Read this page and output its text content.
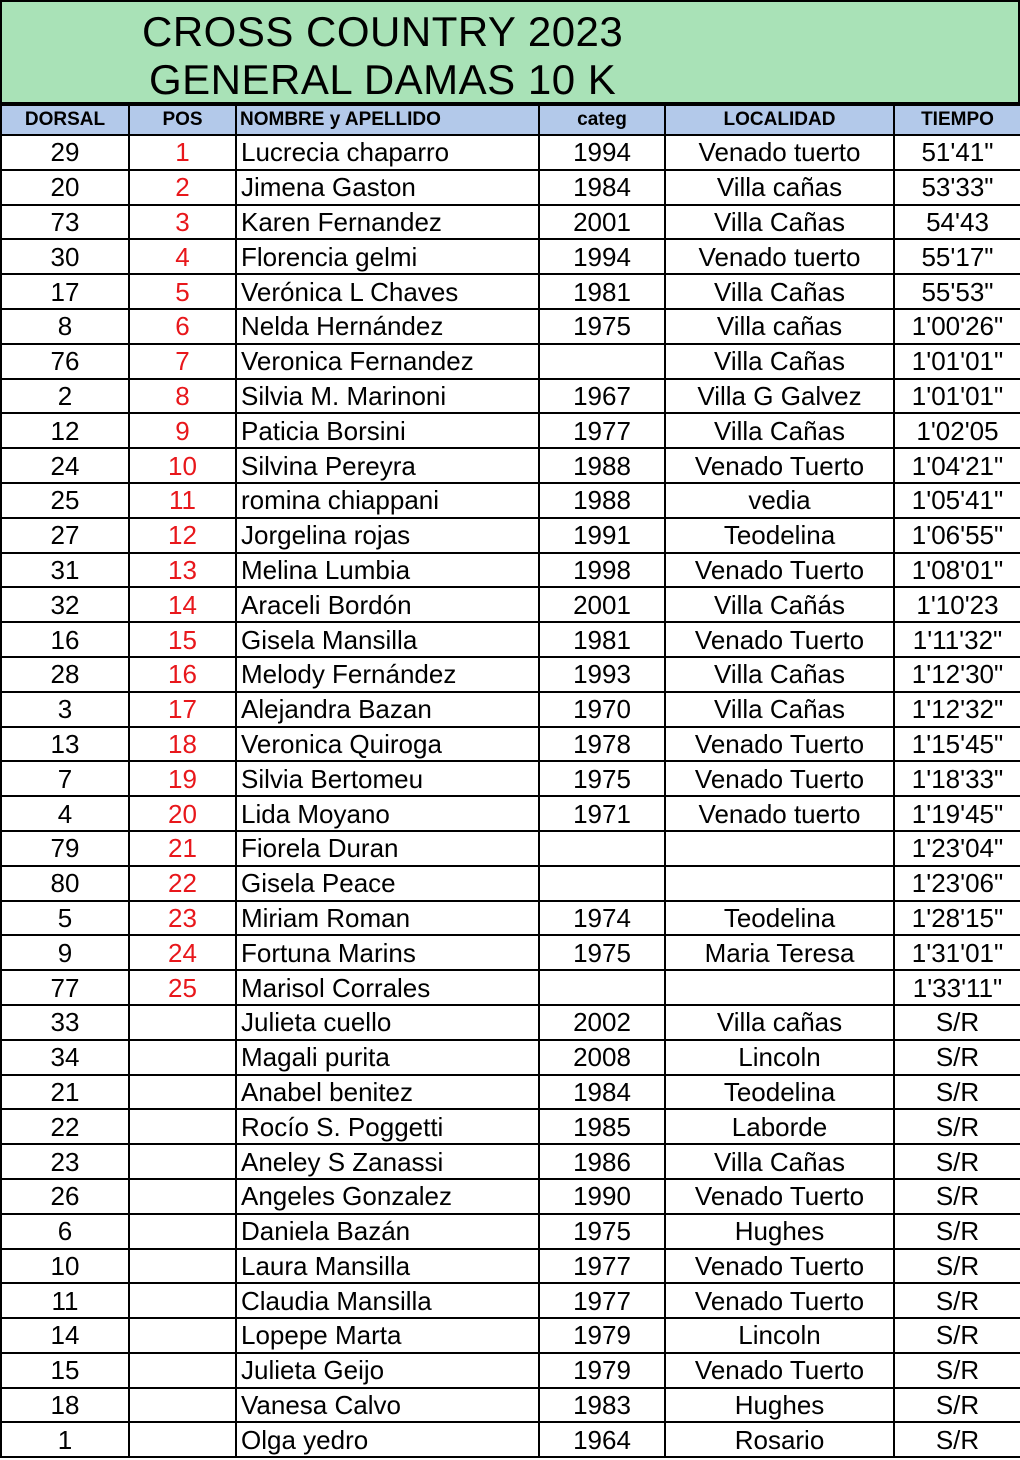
CROSS COUNTRY 2023
GENERAL DAMAS 10 K
DORSAL	POS	NOMBRE y APELLIDO	categ	LOCALIDAD	TIEMPO
29	1	Lucrecia chaparro	1994	Venado tuerto	51'41"
20	2	Jimena Gaston	1984	Villa cañas	53'33"
73	3	Karen Fernandez	2001	Villa Cañas	54'43
30	4	Florencia gelmi	1994	Venado tuerto	55'17"
17	5	Verónica L Chaves	1981	Villa Cañas	55'53"
8	6	Nelda Hernández	1975	Villa cañas	1'00'26"
76	7	Veronica Fernandez		Villa Cañas	1'01'01"
2	8	Silvia M. Marinoni	1967	Villa G Galvez	1'01'01"
12	9	Paticia Borsini	1977	Villa Cañas	1'02'05
24	10	Silvina Pereyra	1988	Venado Tuerto	1'04'21"
25	11	romina chiappani	1988	vedia	1'05'41"
27	12	Jorgelina rojas	1991	Teodelina	1'06'55"
31	13	Melina Lumbia	1998	Venado Tuerto	1'08'01"
32	14	Araceli Bordón	2001	Villa Cañás	1'10'23
16	15	Gisela Mansilla	1981	Venado Tuerto	1'11'32"
28	16	Melody Fernández	1993	Villa Cañas	1'12'30"
3	17	Alejandra Bazan	1970	Villa Cañas	1'12'32"
13	18	Veronica Quiroga	1978	Venado Tuerto	1'15'45"
7	19	Silvia Bertomeu	1975	Venado Tuerto	1'18'33"
4	20	Lida Moyano	1971	Venado tuerto	1'19'45"
79	21	Fiorela Duran			1'23'04"
80	22	Gisela Peace			1'23'06"
5	23	Miriam Roman	1974	Teodelina	1'28'15"
9	24	Fortuna Marins	1975	Maria Teresa	1'31'01"
77	25	Marisol Corrales			1'33'11"
33		Julieta cuello	2002	Villa cañas	S/R
34		Magali purita	2008	Lincoln	S/R
21		Anabel benitez	1984	Teodelina	S/R
22		Rocío S. Poggetti	1985	Laborde	S/R
23		Aneley S Zanassi	1986	Villa Cañas	S/R
26		Angeles Gonzalez	1990	Venado Tuerto	S/R
6		Daniela Bazán	1975	Hughes	S/R
10		Laura Mansilla	1977	Venado Tuerto	S/R
11		Claudia Mansilla	1977	Venado Tuerto	S/R
14		Lopepe Marta	1979	Lincoln	S/R
15		Julieta Geijo	1979	Venado Tuerto	S/R
18		Vanesa Calvo	1983	Hughes	S/R
1		Olga yedro	1964	Rosario	S/R
